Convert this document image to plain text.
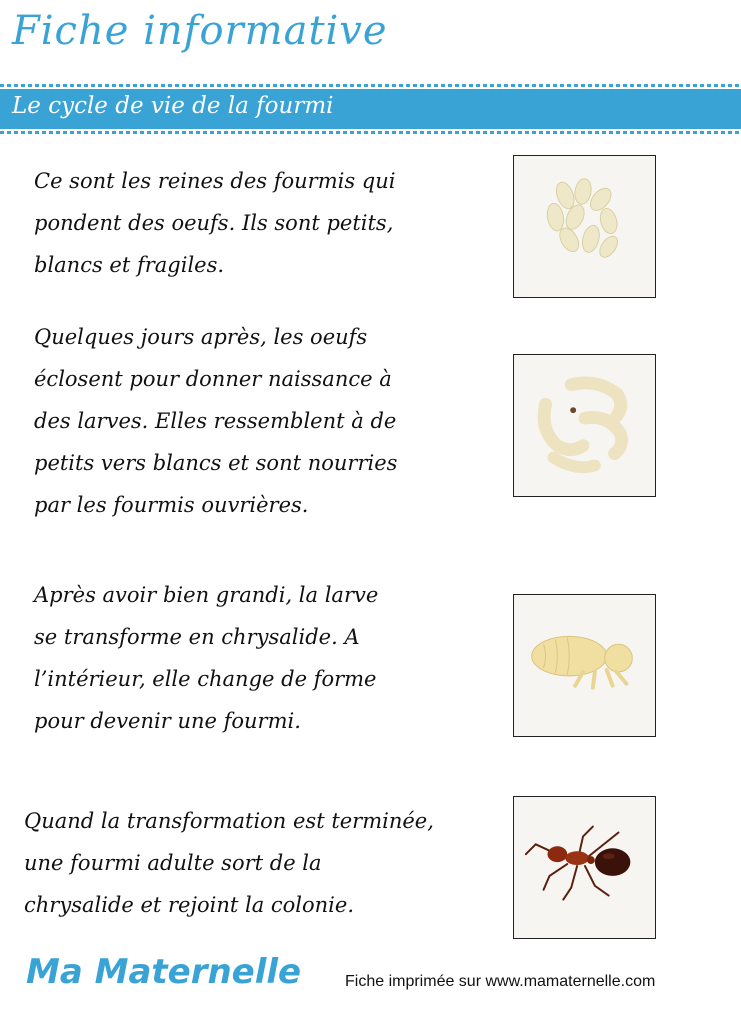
Fiche informative
Le cycle de vie de la fourmi

Ce sont les reines des fourmis qui
pondent des oeufs. Ils sont petits,
blancs et fragiles.

Quelques jours après, les oeufs
éclosent pour donner naissance à
des larves. Elles ressemblent à de
petits vers blancs et sont nourries
par les fourmis ouvrières.

Après avoir bien grandi, la larve
se transforme en chrysalide. A
l’intérieur, elle change de forme
pour devenir une fourmi.

Quand la transformation est terminée,
une fourmi adulte sort de la
chrysalide et rejoint la colonie.

Ma Maternelle	Fiche imprimée sur www.mamaternelle.com
